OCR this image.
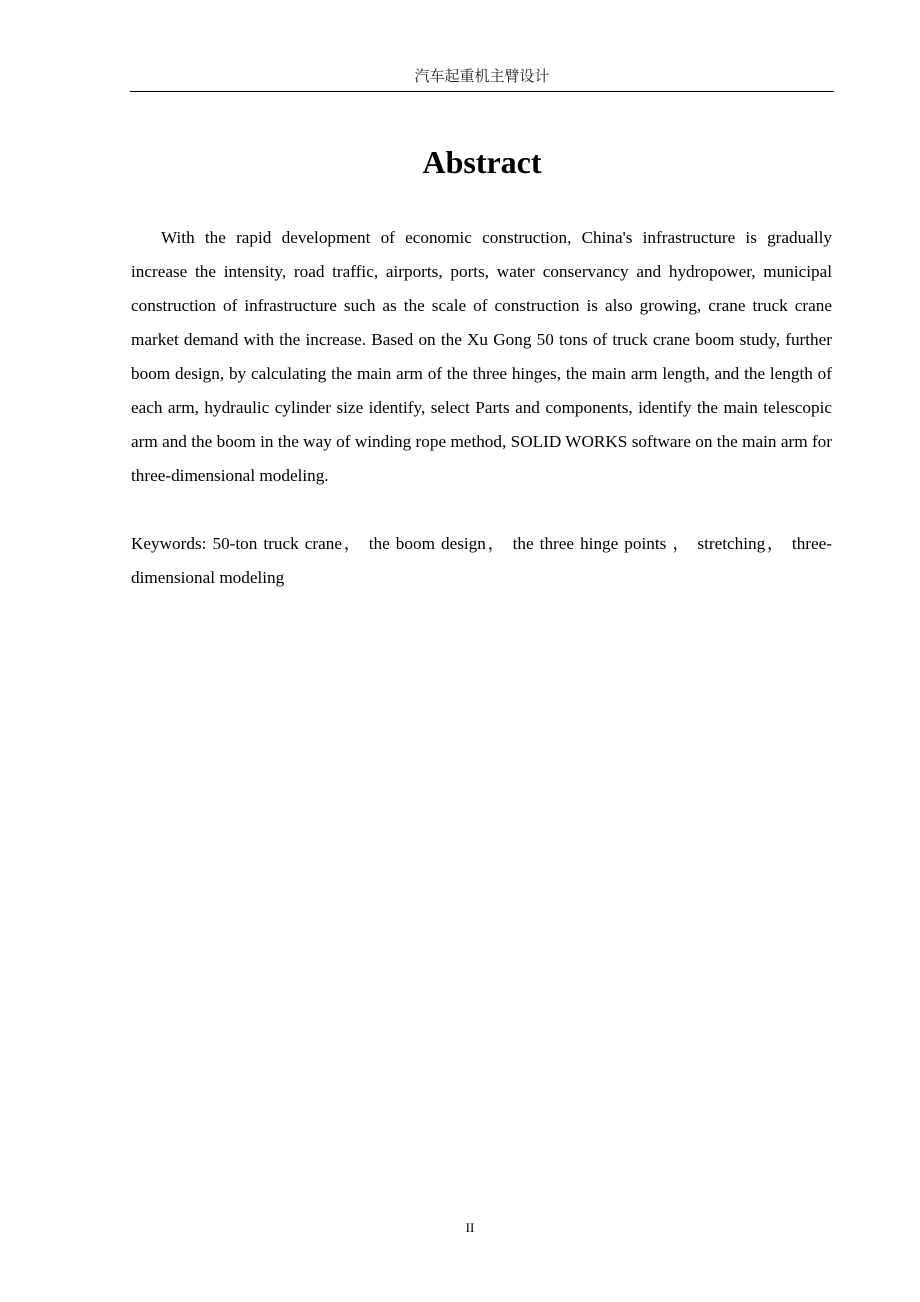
汽车起重机主臂设计
Abstract

With the rapid development of economic construction, China's infrastructure is gradually increase the intensity, road traffic, airports, ports, water conservancy and hydropower, municipal construction of infrastructure such as the scale of construction is also growing, crane truck crane market demand with the increase. Based on the Xu Gong 50 tons of truck crane boom study, further boom design, by calculating the main arm of the three hinges, the main arm length, and the length of each arm, hydraulic cylinder size identify, select Parts and components, identify the main telescopic arm and the boom in the way of winding rope method, SOLID WORKS software on the main arm for three-dimensional modeling.

Keywords: 50-ton truck crane， the boom design， the three hinge points ， stretching， three-dimensional modeling

II
